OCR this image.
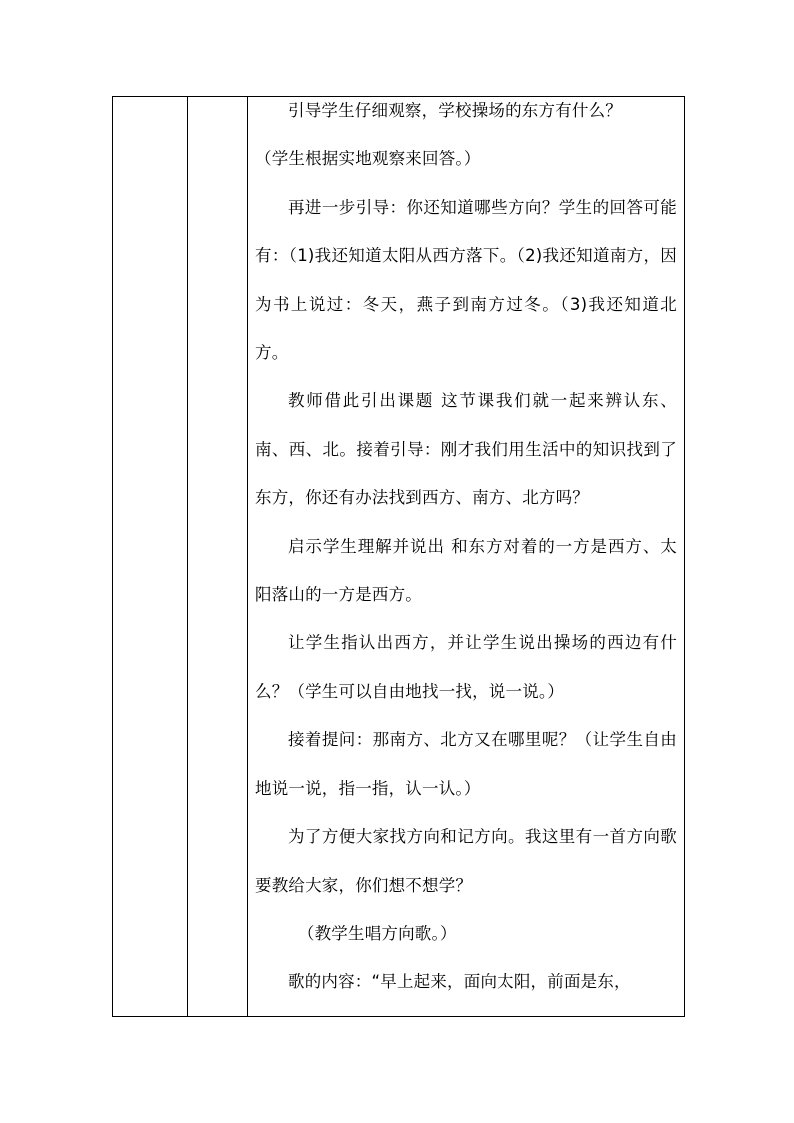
引导学生仔细观察，学校操场的东方有什么？

（学生根据实地观察来回答。）

再进一步引导：你还知道哪些方向？学生的回答可能有：（1)我还知道太阳从西方落下。（2)我还知道南方，因为书上说过：冬天，燕子到南方过冬。（3)我还知道北方。

教师借此引出课题 这节课我们就一起来辨认东、南、西、北。接着引导：刚才我们用生活中的知识找到了东方，你还有办法找到西方、南方、北方吗？

启示学生理解并说出 和东方对着的一方是西方、太阳落山的一方是西方。

让学生指认出西方，并让学生说出操场的西边有什么？（学生可以自由地找一找，说一说。）

接着提问：那南方、北方又在哪里呢？（让学生自由地说一说，指一指，认一认。）

为了方便大家找方向和记方向。我这里有一首方向歌要教给大家，你们想不想学？

（教学生唱方向歌。）

歌的内容：“早上起来，面向太阳，前面是东，
